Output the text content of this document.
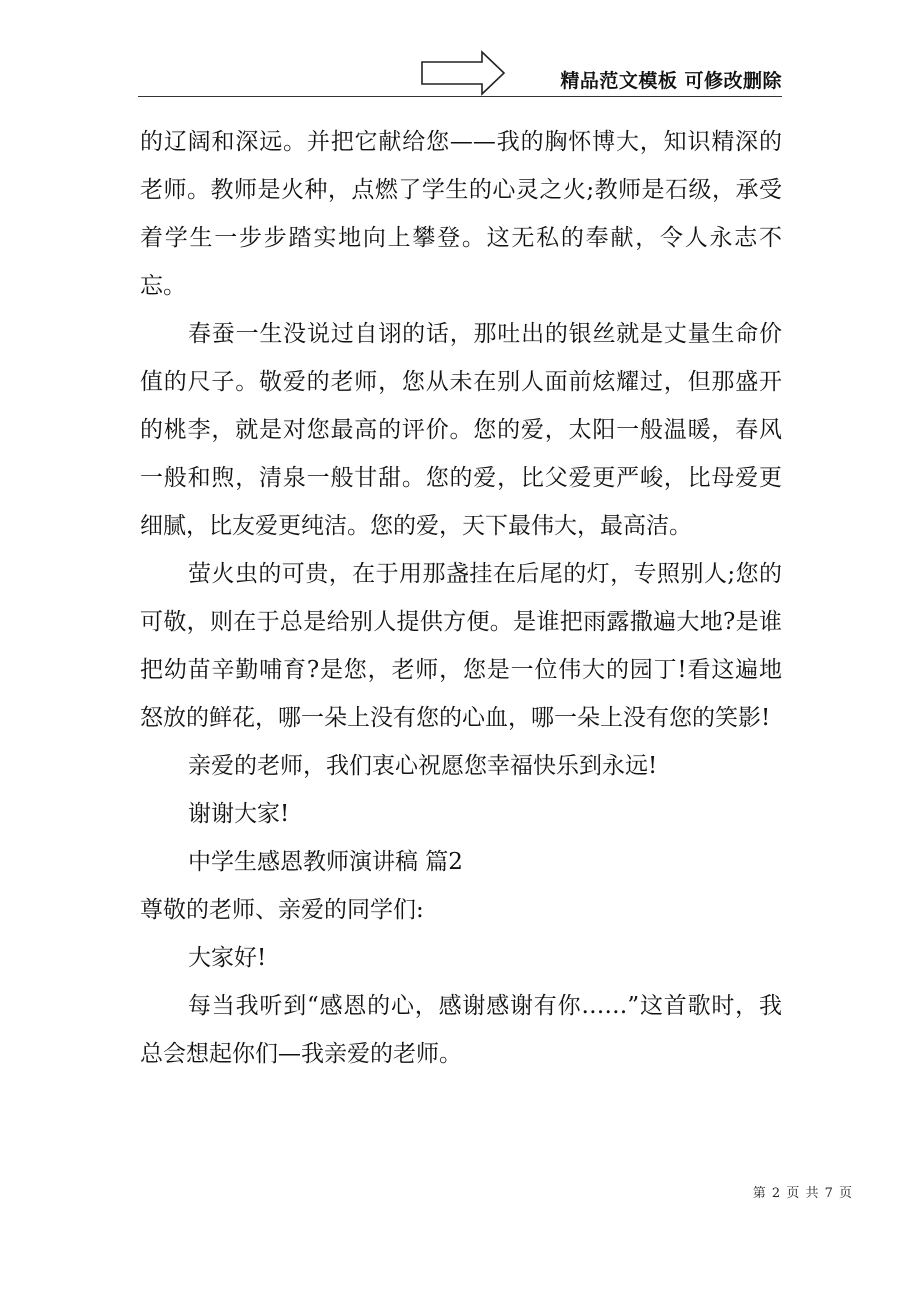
精品范文模板 可修改删除

的辽阔和深远。并把它献给您——我的胸怀博大，知识精深的老师。教师是火种，点燃了学生的心灵之火;教师是石级，承受着学生一步步踏实地向上攀登。这无私的奉献，令人永志不忘。

春蚕一生没说过自诩的话，那吐出的银丝就是丈量生命价值的尺子。敬爱的老师，您从未在别人面前炫耀过，但那盛开的桃李，就是对您最高的评价。您的爱，太阳一般温暖，春风一般和煦，清泉一般甘甜。您的爱，比父爱更严峻，比母爱更细腻，比友爱更纯洁。您的爱，天下最伟大，最高洁。

萤火虫的可贵，在于用那盏挂在后尾的灯，专照别人;您的可敬，则在于总是给别人提供方便。是谁把雨露撒遍大地?是谁把幼苗辛勤哺育?是您，老师，您是一位伟大的园丁!看这遍地怒放的鲜花，哪一朵上没有您的心血，哪一朵上没有您的笑影!

亲爱的老师，我们衷心祝愿您幸福快乐到永远!

谢谢大家!

中学生感恩教师演讲稿 篇2

尊敬的老师、亲爱的同学们:

大家好!

每当我听到“感恩的心，感谢感谢有你……”这首歌时，我总会想起你们—我亲爱的老师。

第 2 页 共 7 页
